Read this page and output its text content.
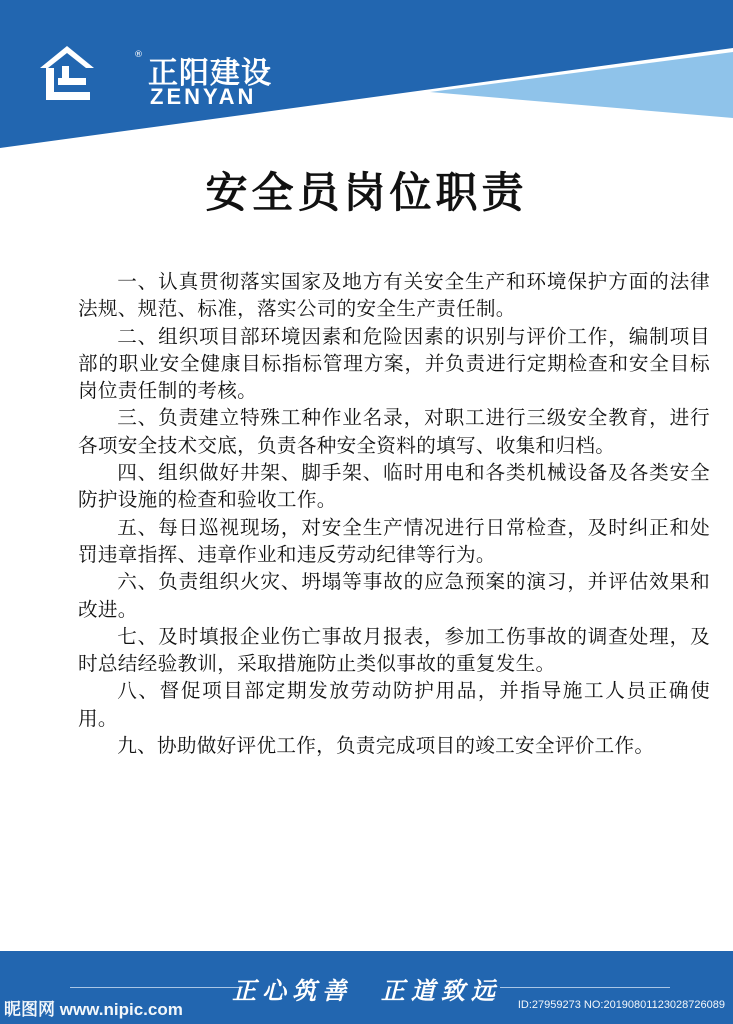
®
正阳建设
ZENYAN
安全员岗位职责

一、认真贯彻落实国家及地方有关安全生产和环境保护方面的法律法规、规范、标准，落实公司的安全生产责任制。

二、组织项目部环境因素和危险因素的识别与评价工作，编制项目部的职业安全健康目标指标管理方案，并负责进行定期检查和安全目标岗位责任制的考核。

三、负责建立特殊工种作业名录，对职工进行三级安全教育，进行各项安全技术交底，负责各种安全资料的填写、收集和归档。

四、组织做好井架、脚手架、临时用电和各类机械设备及各类安全防护设施的检查和验收工作。

五、每日巡视现场，对安全生产情况进行日常检查，及时纠正和处罚违章指挥、违章作业和违反劳动纪律等行为。

六、负责组织火灾、坍塌等事故的应急预案的演习，并评估效果和改进。

七、及时填报企业伤亡事故月报表，参加工伤事故的调查处理，及时总结经验教训，采取措施防止类似事故的重复发生。

八、督促项目部定期发放劳动防护用品，并指导施工人员正确使用。

九、协助做好评优工作，负责完成项目的竣工安全评价工作。

正心筑善  正道致远
昵图网 www.nipic.com	ID:27959273 NO:20190801123028726089
